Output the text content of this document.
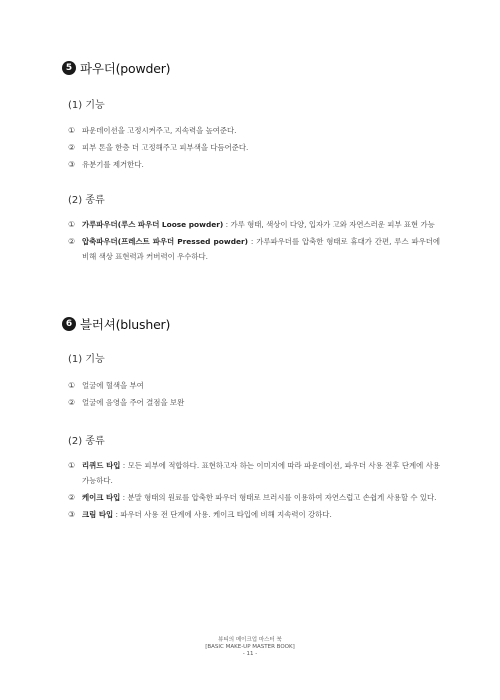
5 파우더(powder)
(1) 기능
① 파운데이션을 고정시켜주고, 지속력을 높여준다.
② 피부 톤을 한층 더 고정해주고 피부색을 다듬어준다.
③ 유분기를 제거한다.
(2) 종류
① 가루파우더(루스 파우더 Loose powder) : 가루 형태, 색상이 다양, 입자가 고와 자연스러운 피부 표현 가능
② 압축파우더(프레스트 파우더 Pressed powder) : 가루파우더를 압축한 형태로 휴대가 간편, 루스 파우더에 비해 색상 표현력과 커버력이 우수하다.
6 블러셔(blusher)
(1) 기능
① 얼굴에 혈색을 부여
② 얼굴에 음영을 주어 결점을 보완
(2) 종류
① 리퀴드 타입 : 모든 피부에 적합하다. 표현하고자 하는 이미지에 따라 파운데이션, 파우더 사용 전후 단계에 사용 가능하다.
② 케이크 타입 : 분말 형태의 원료를 압축한 파우더 형태로 브러시를 이용하여 자연스럽고 손쉽게 사용할 수 있다.
③ 크림 타입 : 파우더 사용 전 단계에 사용. 케이크 타입에 비해 지속력이 강하다.
뷰티의 메이크업 마스터 북
[BASIC MAKE-UP MASTER BOOK]
- 11 -
